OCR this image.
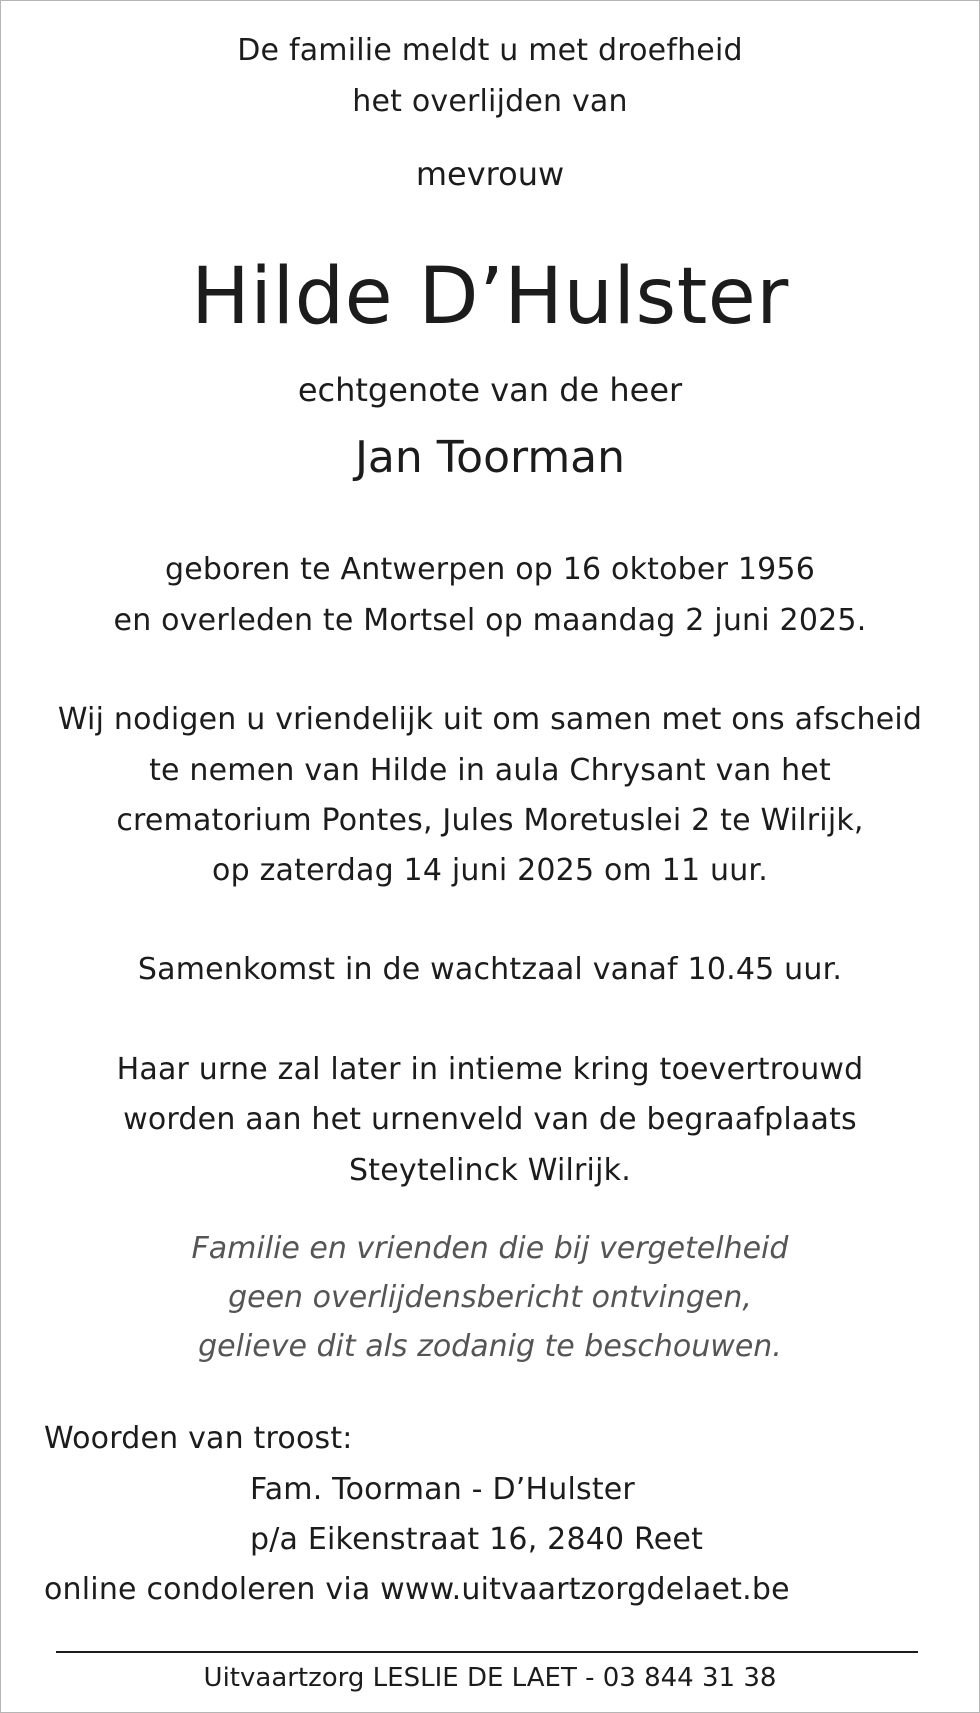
De familie meldt u met droefheid
het overlijden van
mevrouw
Hilde D’Hulster
echtgenote van de heer
Jan Toorman
geboren te Antwerpen op 16 oktober 1956
en overleden te Mortsel op maandag 2 juni 2025.
Wij nodigen u vriendelijk uit om samen met ons afscheid
te nemen van Hilde in aula Chrysant van het
crematorium Pontes, Jules Moretuslei 2 te Wilrijk,
op zaterdag 14 juni 2025 om 11 uur.
Samenkomst in de wachtzaal vanaf 10.45 uur.
Haar urne zal later in intieme kring toevertrouwd
worden aan het urnenveld van de begraafplaats
Steytelinck Wilrijk.
Familie en vrienden die bij vergetelheid
geen overlijdensbericht ontvingen,
gelieve dit als zodanig te beschouwen.
Woorden van troost:
Fam. Toorman - D’Hulster
p/a Eikenstraat 16, 2840 Reet
online condoleren via www.uitvaartzorgdelaet.be
Uitvaartzorg LESLIE DE LAET - 03 844 31 38
